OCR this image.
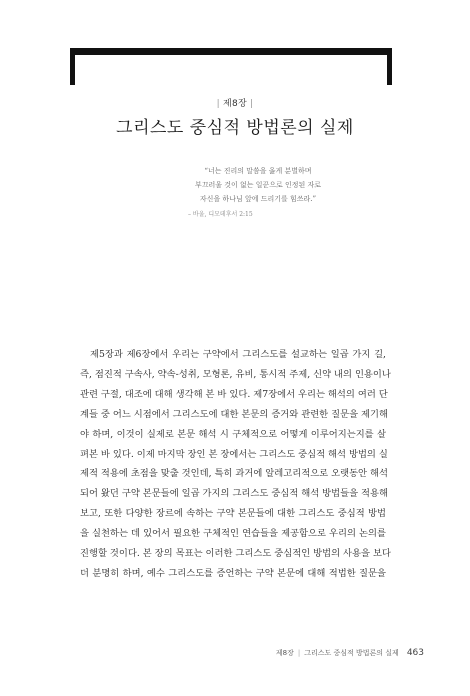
| 제8장 |
그리스도 중심적 방법론의 실제
“너는 진리의 말씀을 옳게 분별하며
부끄러울 것이 없는 일꾼으로 인정된 자로
자신을 하나님 앞에 드리기를 힘쓰라.”
– 바울, 디모데후서 2:15
제5장과 제6장에서 우리는 구약에서 그리스도를 설교하는 일곱 가지 길,
즉, 점진적 구속사, 약속-성취, 모형론, 유비, 통시적 주제, 신약 내의 인용이나
관련 구절, 대조에 대해 생각해 본 바 있다. 제7장에서 우리는 해석의 여러 단
계들 중 어느 시점에서 그리스도에 대한 본문의 증거와 관련한 질문을 제기해
야 하며, 이것이 실제로 본문 해석 시 구체적으로 어떻게 이루어지는지를 살
펴본 바 있다. 이제 마지막 장인 본 장에서는 그리스도 중심적 해석 방법의 실
제적 적용에 초점을 맞출 것인데, 특히 과거에 알레고리적으로 오랫동안 해석
되어 왔던 구약 본문들에 일곱 가지의 그리스도 중심적 해석 방법들을 적용해
보고, 또한 다양한 장르에 속하는 구약 본문들에 대한 그리스도 중심적 방법
을 실천하는 데 있어서 필요한 구체적인 연습들을 제공함으로 우리의 논의를
진행할 것이다. 본 장의 목표는 이러한 그리스도 중심적인 방법의 사용을 보다
더 분명히 하며, 예수 그리스도를 증언하는 구약 본문에 대해 적법한 질문을
제8장 | 그리스도 중심적 방법론의 실제 463
